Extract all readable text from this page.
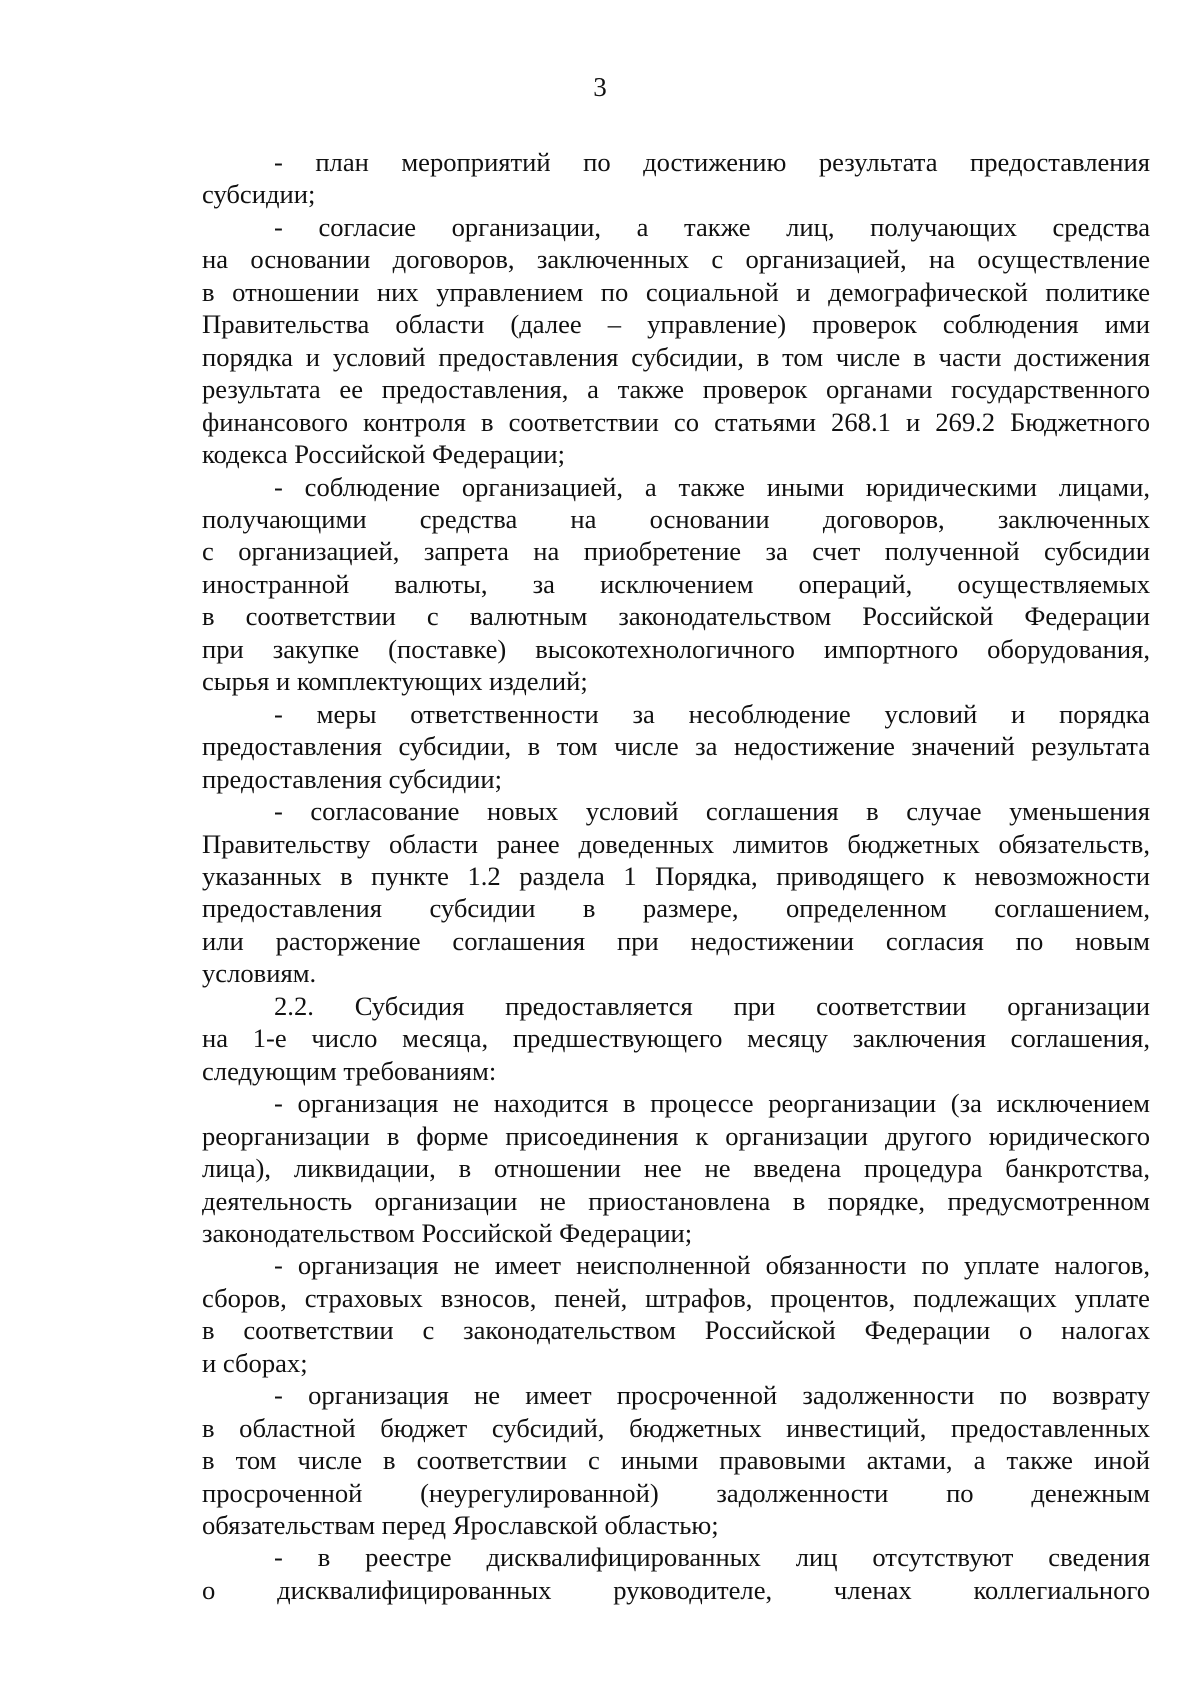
3

- план мероприятий по достижению результата предоставления

субсидии;

- согласие организации, а также лиц, получающих средства

на основании договоров, заключенных с организацией, на осуществление

в отношении них управлением по социальной и демографической политике

Правительства области (далее – управление) проверок соблюдения ими

порядка и условий предоставления субсидии, в том числе в части достижения

результата ее предоставления, а также проверок органами государственного

финансового контроля в соответствии со статьями 268.1 и 269.2 Бюджетного

кодекса Российской Федерации;

- соблюдение организацией, а также иными юридическими лицами,

получающими средства на основании договоров, заключенных

с организацией, запрета на приобретение за счет полученной субсидии

иностранной валюты, за исключением операций, осуществляемых

в соответствии с валютным законодательством Российской Федерации

при закупке (поставке) высокотехнологичного импортного оборудования,

сырья и комплектующих изделий;

- меры ответственности за несоблюдение условий и порядка

предоставления субсидии, в том числе за недостижение значений результата

предоставления субсидии;

- согласование новых условий соглашения в случае уменьшения

Правительству области ранее доведенных лимитов бюджетных обязательств,

указанных в пункте 1.2 раздела 1 Порядка, приводящего к невозможности

предоставления субсидии в размере, определенном соглашением,

или расторжение соглашения при недостижении согласия по новым

условиям.

2.2. Субсидия предоставляется при соответствии организации

на 1-е число месяца, предшествующего месяцу заключения соглашения,

следующим требованиям:

- организация не находится в процессе реорганизации (за исключением

реорганизации в форме присоединения к организации другого юридического

лица), ликвидации, в отношении нее не введена процедура банкротства,

деятельность организации не приостановлена в порядке, предусмотренном

законодательством Российской Федерации;

- организация не имеет неисполненной обязанности по уплате налогов,

сборов, страховых взносов, пеней, штрафов, процентов, подлежащих уплате

в соответствии с законодательством Российской Федерации о налогах

и сборах;

- организация не имеет просроченной задолженности по возврату

в областной бюджет субсидий, бюджетных инвестиций, предоставленных

в том числе в соответствии с иными правовыми актами, а также иной

просроченной (неурегулированной) задолженности по денежным

обязательствам перед Ярославской областью;

- в реестре дисквалифицированных лиц отсутствуют сведения

о дисквалифицированных руководителе, членах коллегиального
